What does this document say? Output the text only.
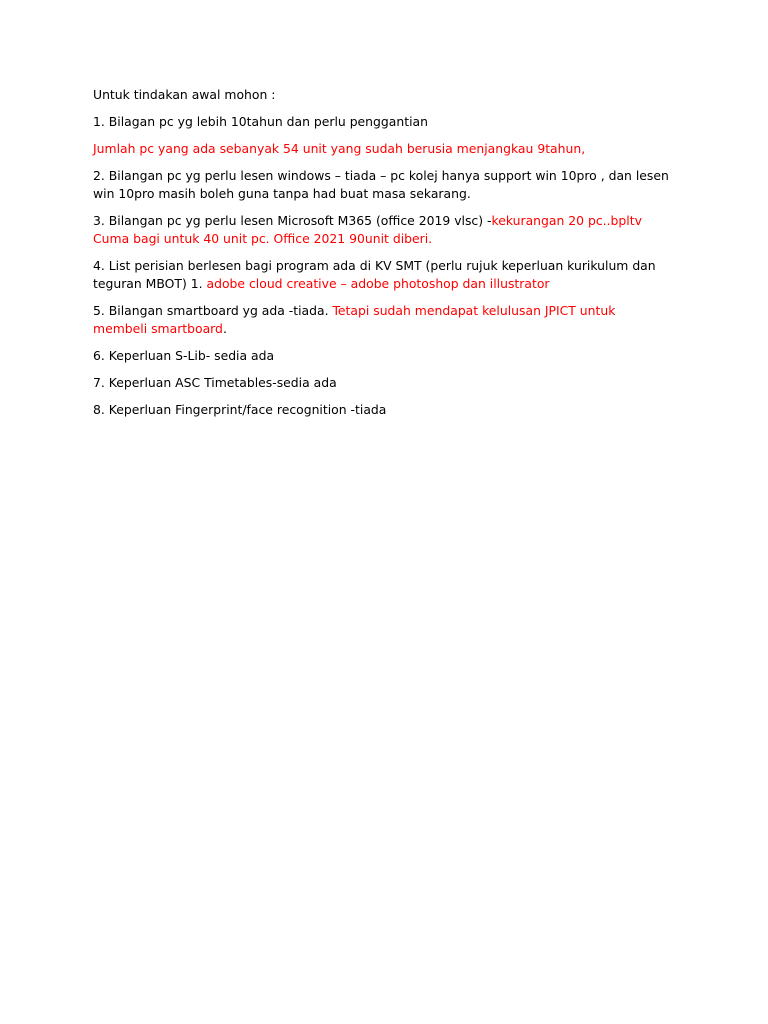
Untuk tindakan awal mohon :

1. Bilagan pc yg lebih 10tahun dan perlu penggantian

Jumlah pc yang ada sebanyak 54 unit yang sudah berusia menjangkau 9tahun,

2. Bilangan pc yg perlu lesen windows – tiada – pc kolej hanya support win 10pro , dan lesen win 10pro masih boleh guna tanpa had buat masa sekarang.

3. Bilangan pc yg perlu lesen Microsoft M365 (office 2019 vlsc) -kekurangan 20 pc..bpltv Cuma bagi untuk 40 unit pc. Office 2021 90unit diberi.

4. List perisian berlesen bagi program ada di KV SMT (perlu rujuk keperluan kurikulum dan teguran MBOT) 1. adobe cloud creative – adobe photoshop dan illustrator

5. Bilangan smartboard yg ada -tiada. Tetapi sudah mendapat kelulusan JPICT untuk membeli smartboard.

6. Keperluan S-Lib- sedia ada

7. Keperluan ASC Timetables-sedia ada

8. Keperluan Fingerprint/face recognition -tiada
